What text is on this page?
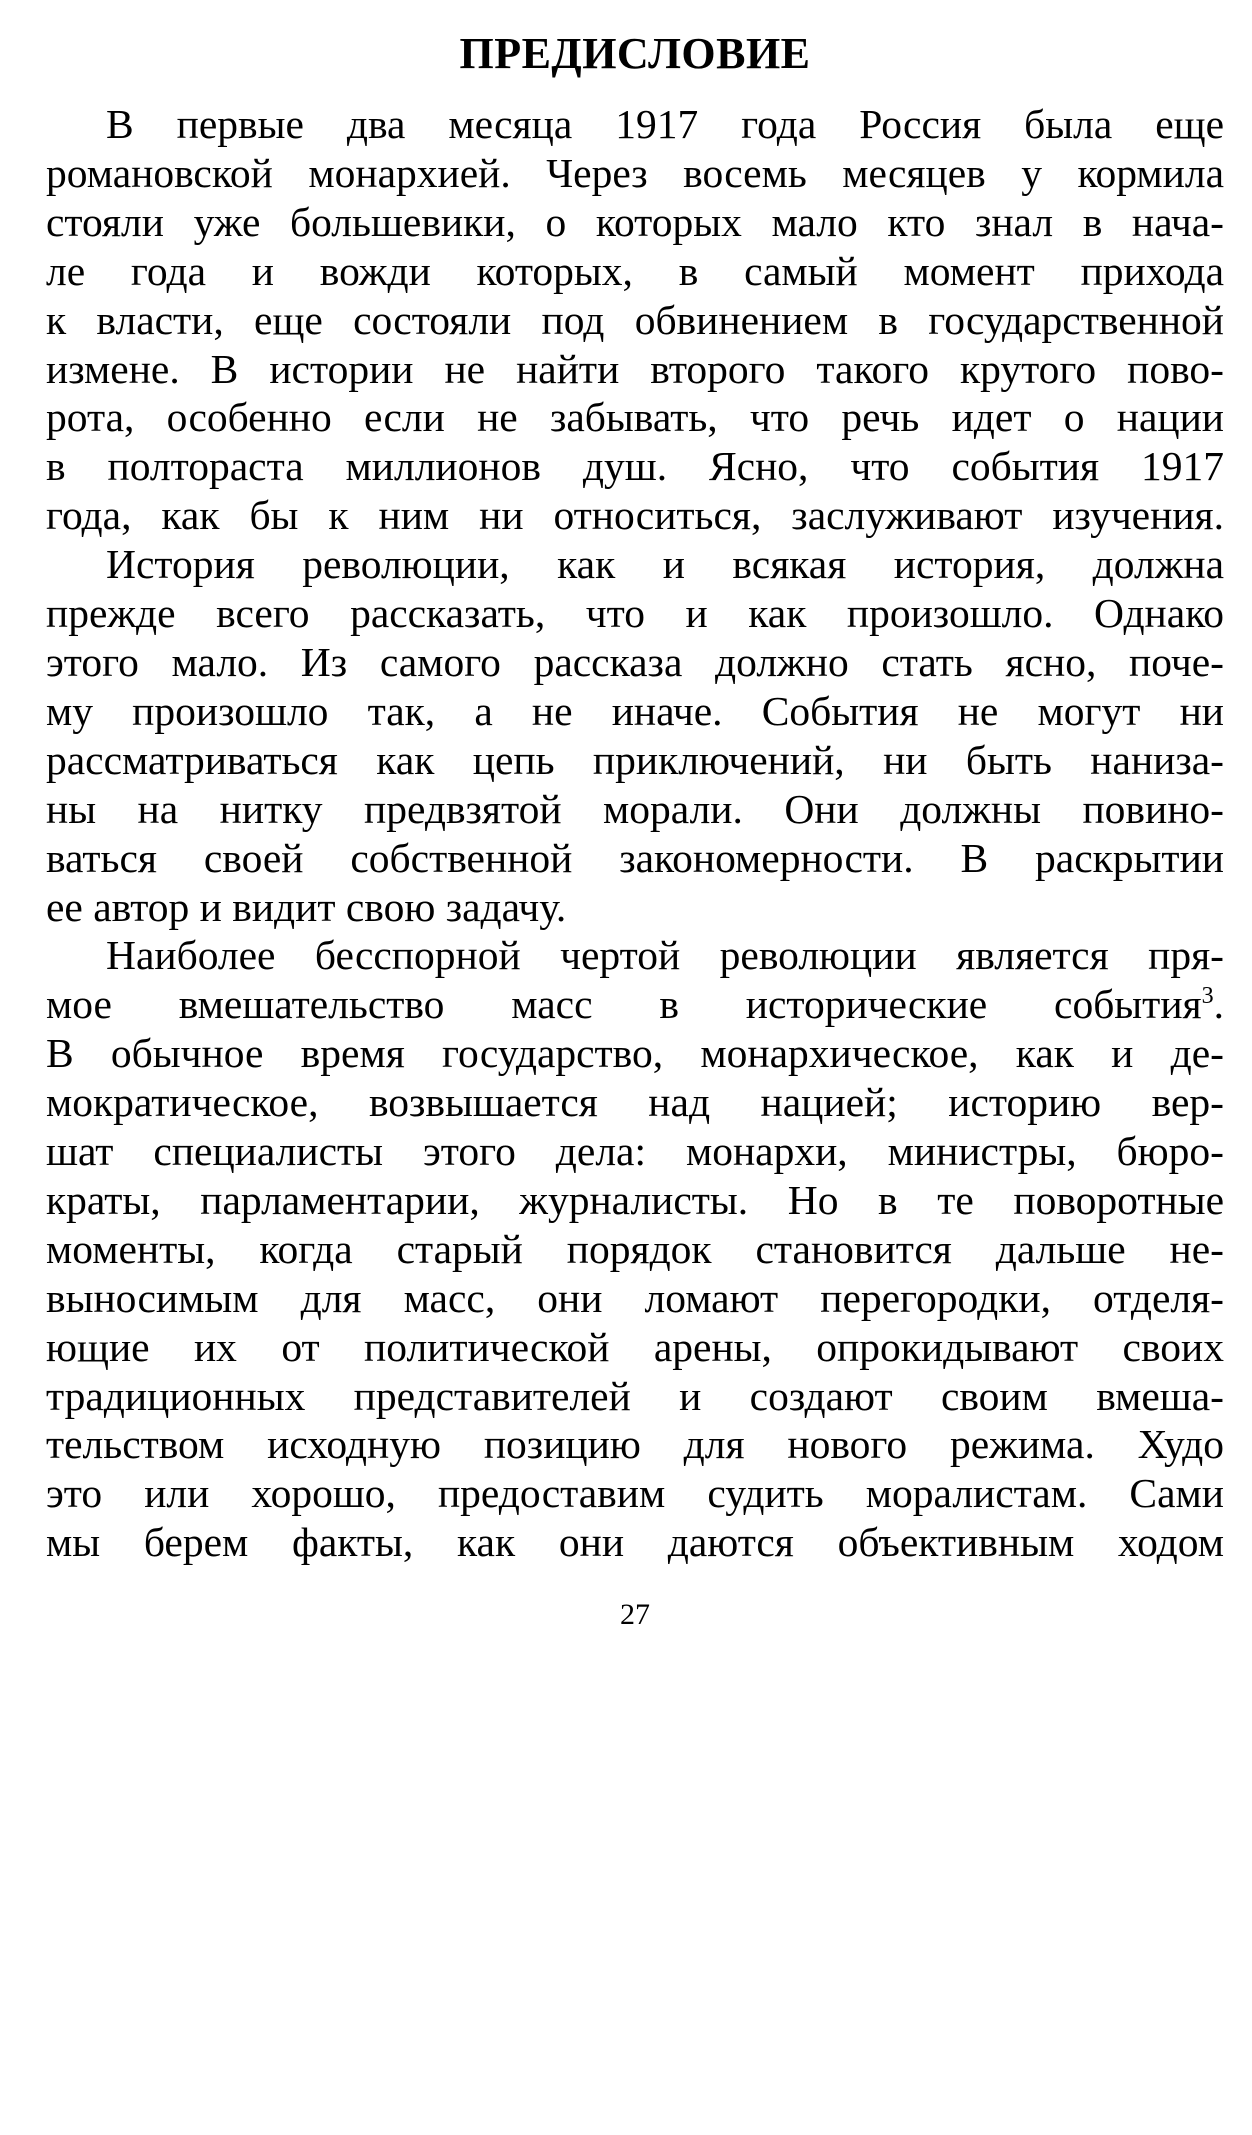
ПРЕДИСЛОВИЕ
В первые два месяца 1917 года Россия была еще
романовской монархией. Через восемь месяцев у кормила
стояли уже большевики, о которых мало кто знал в нача-
ле года и вожди которых, в самый момент прихода
к власти, еще состояли под обвинением в государственной
измене. В истории не найти второго такого крутого пово-
рота, особенно если не забывать, что речь идет о нации
в полтораста миллионов душ. Ясно, что события 1917
года, как бы к ним ни относиться, заслуживают изучения.
История революции, как и всякая история, должна
прежде всего рассказать, что и как произошло. Однако
этого мало. Из самого рассказа должно стать ясно, поче-
му произошло так, а не иначе. События не могут ни
рассматриваться как цепь приключений, ни быть наниза-
ны на нитку предвзятой морали. Они должны повино-
ваться своей собственной закономерности. В раскрытии
ее автор и видит свою задачу.
Наиболее бесспорной чертой революции является пря-
мое вмешательство масс в исторические события$^3$.
В обычное время государство, монархическое, как и де-
мократическое, возвышается над нацией; историю вер-
шат специалисты этого дела: монархи, министры, бюро-
краты, парламентарии, журналисты. Но в те поворотные
моменты, когда старый порядок становится дальше не-
выносимым для масс, они ломают перегородки, отделя-
ющие их от политической арены, опрокидывают своих
традиционных представителей и создают своим вмеша-
тельством исходную позицию для нового режима. Худо
это или хорошо, предоставим судить моралистам. Сами
мы берем факты, как они даются объективным ходом
27
